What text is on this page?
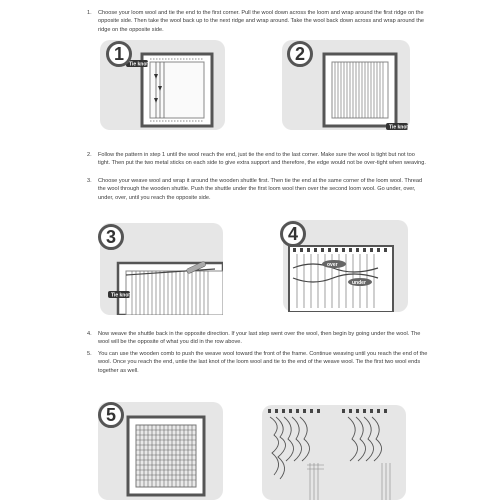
1. Choose your loom wool and tie the end to the first corner. Pull the wool down across the loom and wrap around the first ridge on the opposite side. Then take the wool back up to the next ridge and wrap around. Take the wool back down across and wrap around the ridge on the opposite side.
Tie knot
1
Tie knot
2
2. Follow the pattern in step 1 until the wool reach the end, just tie the end to the last corner. Make sure the wool is tight but not too tight. Then put the two metal sticks on each side to give extra support and therefore, the edge would not be over-tight when weaving.
3. Choose your weave wool and wrap it around the wooden shuttle first. Then tie the end at the same corner of the loom wool. Thread the wool through the wooden shuttle. Push the shuttle under the first loom wool then over the second loom wool. Go under, over, under, over, until you reach the opposite side.
Tie knot
3
over
under
4
4. Now weave the shuttle back in the opposite direction. If your last step went over the wool, then begin by going under the wool. The wool will be the opposite of what you did in the row above.
5. You can use the wooden comb to push the weave wool toward the front of the frame. Continue weaving until you reach the end of the wool. Once you reach the end, untie the last knot of the loom wool and tie to the end of the weave wool. Tie the first two wool ends together as well.
5
